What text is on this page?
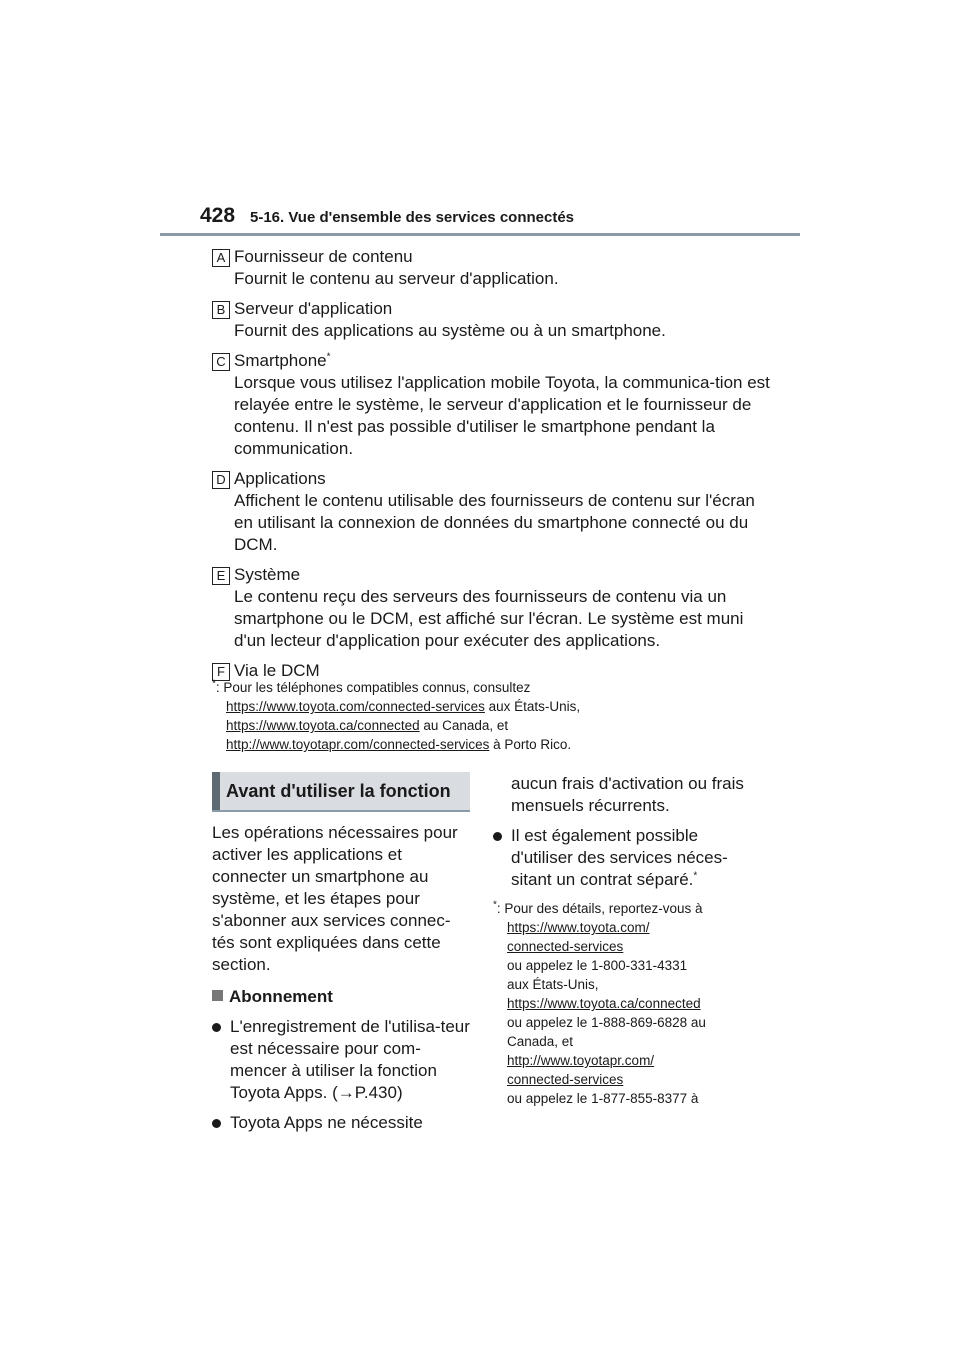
428 5-16. Vue d'ensemble des services connectés
A Fournisseur de contenu
Fournit le contenu au serveur d'application.
B Serveur d'application
Fournit des applications au système ou à un smartphone.
C Smartphone*
Lorsque vous utilisez l'application mobile Toyota, la communica-tion est relayée entre le système, le serveur d'application et le fournisseur de contenu. Il n'est pas possible d'utiliser le smartphone pendant la communication.
D Applications
Affichent le contenu utilisable des fournisseurs de contenu sur l'écran en utilisant la connexion de données du smartphone connecté ou du DCM.
E Système
Le contenu reçu des serveurs des fournisseurs de contenu via un smartphone ou le DCM, est affiché sur l'écran. Le système est muni d'un lecteur d'application pour exécuter des applications.
F Via le DCM
*: Pour les téléphones compatibles connus, consultez
https://www.toyota.com/connected-services aux États-Unis,
https://www.toyota.ca/connected au Canada, et
http://www.toyotapr.com/connected-services à Porto Rico.
Avant d'utiliser la fonction
Les opérations nécessaires pour activer les applications et connecter un smartphone au système, et les étapes pour s'abonner aux services connec-tés sont expliquées dans cette section.
Abonnement
L'enregistrement de l'utilisa-teur est nécessaire pour com-mencer à utiliser la fonction Toyota Apps. (→P.430)
Toyota Apps ne nécessite
aucun frais d'activation ou frais mensuels récurrents.
Il est également possible d'utiliser des services néces-sitant un contrat séparé.*
*: Pour des détails, reportez-vous à
https://www.toyota.com/
connected-services
ou appelez le 1-800-331-4331
aux États-Unis,
https://www.toyota.ca/connected
ou appelez le 1-888-869-6828 au
Canada, et
http://www.toyotapr.com/
connected-services
ou appelez le 1-877-855-8377 à
